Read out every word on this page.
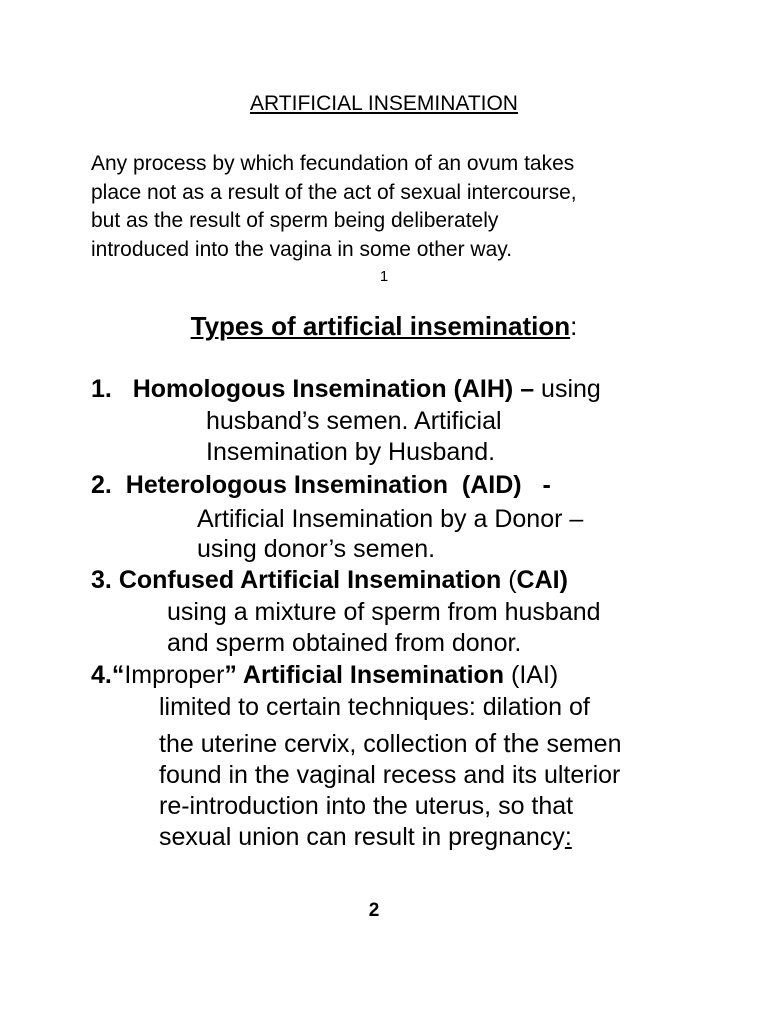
ARTIFICIAL INSEMINATION
Any process by which fecundation of an ovum takes
place not as a result of the act of sexual intercourse,
but as the result of sperm being deliberately
introduced into the vagina in some other way.
1
Types of artificial insemination:
1. Homologous Insemination (AIH) – using
husband’s semen. Artificial
Insemination by Husband.
2. Heterologous Insemination  (AID)   -
Artificial Insemination by a Donor –
using donor’s semen.
3. Confused Artificial Insemination (CAI)
using a mixture of sperm from husband
and sperm obtained from donor.
4.“Improper” Artificial Insemination (IAI)
limited to certain techniques: dilation of
the uterine cervix, collection of the semen
found in the vaginal recess and its ulterior
re-introduction into the uterus, so that
sexual union can result in pregnancy:
2
